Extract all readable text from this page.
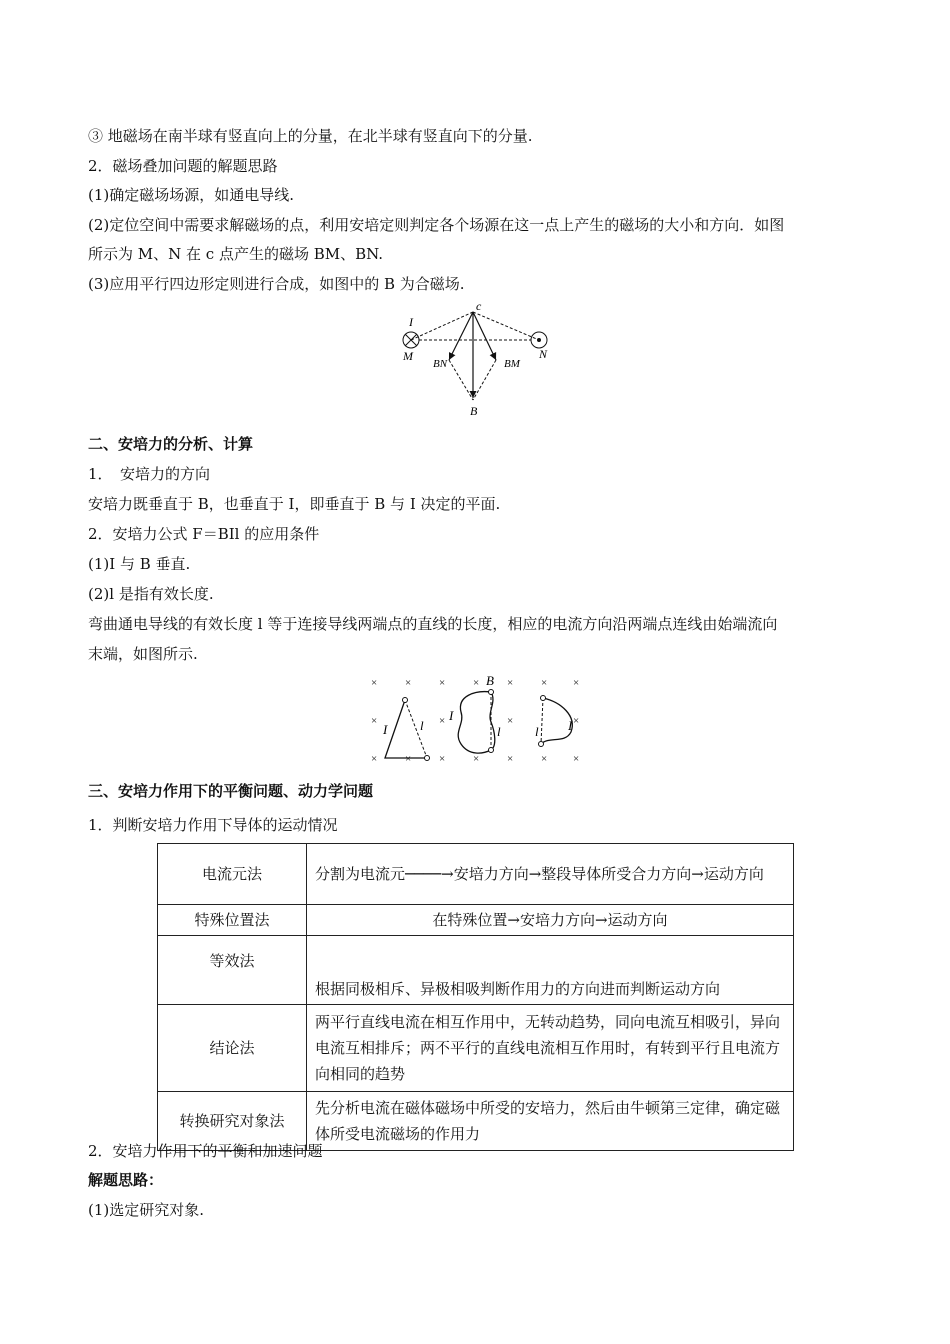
③ 地磁场在南半球有竖直向上的分量，在北半球有竖直向下的分量.
2．磁场叠加问题的解题思路
(1)确定磁场场源，如通电导线.
(2)定位空间中需要求解磁场的点，利用安培定则判定各个场源在这一点上产生的磁场的大小和方向．如图
所示为 M、N 在 c 点产生的磁场 BM、BN.
(3)应用平行四边形定则进行合成，如图中的 B 为合磁场.
c
I
M	N
BN	BM
B
二、安培力的分析、计算
1．　安培力的方向
安培力既垂直于 B，也垂直于 I，即垂直于 B 与 I 决定的平面.
2．安培力公式 F＝BIl 的应用条件
(1)I 与 B 垂直.
(2)l 是指有效长度.
弯曲通电导线的有效长度 l 等于连接导线两端点的直线的长度，相应的电流方向沿两端点连线由始端流向
末端，如图所示.
×	×	×	×	×	× ×
×	×	×	×
×	×	×	×	×	× ×
I	l
B
I
l	l I
三、安培力作用下的平衡问题、动力学问题
1．判断安培力作用下导体的运动情况
电流元法	分割为电流元────→安培力方向→整段导体所受合力方向→运动方向
特殊位置法	在特殊位置→安培力方向→运动方向
等效法	根据同极相斥、异极相吸判断作用力的方向进而判断运动方向
结论法	两平行直线电流在相互作用中，无转动趋势，同向电流互相吸引，异向电流互相排斥；两不平行的直线电流相互作用时，有转到平行且电流方向相同的趋势
转换研究对象法	先分析电流在磁体磁场中所受的安培力，然后由牛顿第三定律，确定磁体所受电流磁场的作用力
2．安培力作用下的平衡和加速问题
解题思路：
(1)选定研究对象.
